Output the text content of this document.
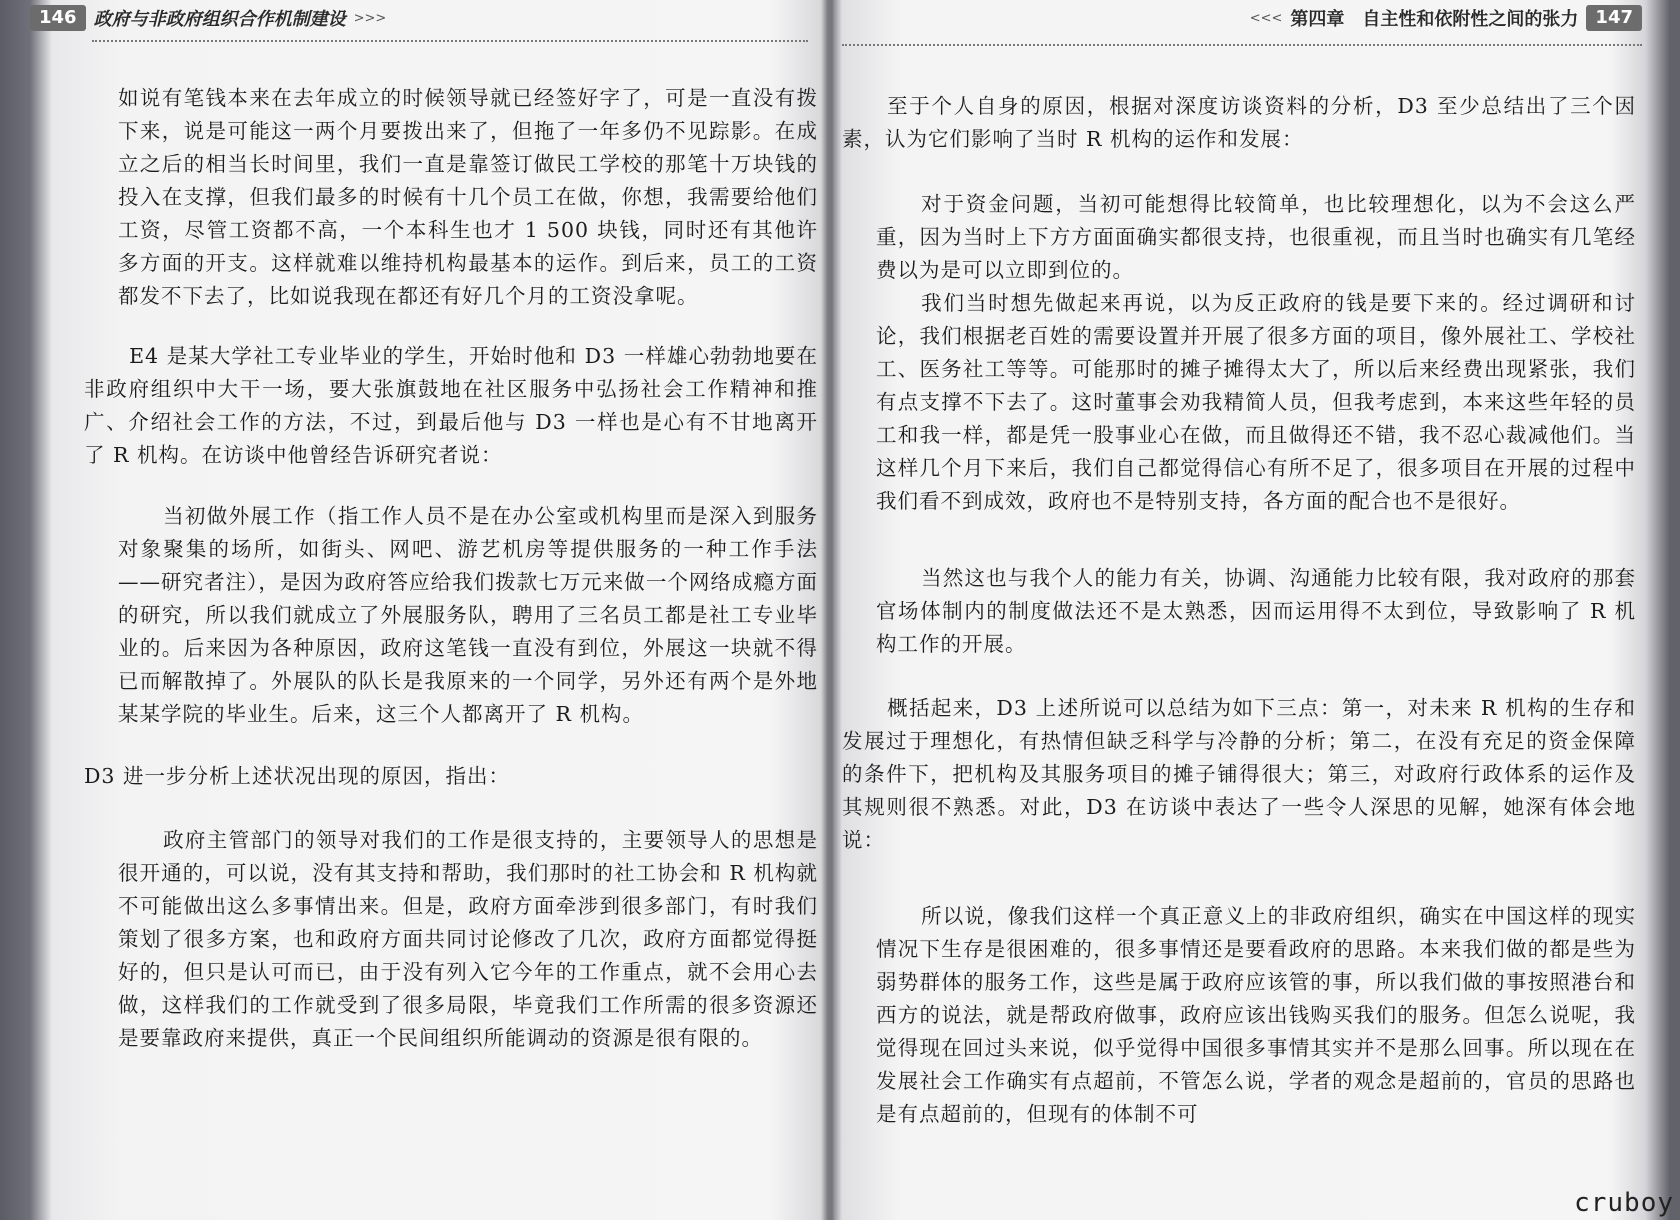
146 政府与非政府组织合作机制建设 >>>

如说有笔钱本来在去年成立的时候领导就已经签好字了，可是一直没有拨下来，说是可能这一两个月要拨出来了，但拖了一年多仍不见踪影。在成立之后的相当长时间里，我们一直是靠签订做民工学校的那笔十万块钱的投入在支撑，但我们最多的时候有十几个员工在做，你想，我需要给他们工资，尽管工资都不高，一个本科生也才 1 500 块钱，同时还有其他许多方面的开支。这样就难以维持机构最基本的运作。到后来，员工的工资都发不下去了，比如说我现在都还有好几个月的工资没拿呢。

E4 是某大学社工专业毕业的学生，开始时他和 D3 一样雄心勃勃地要在非政府组织中大干一场，要大张旗鼓地在社区服务中弘扬社会工作精神和推广、介绍社会工作的方法，不过，到最后他与 D3 一样也是心有不甘地离开了 R 机构。在访谈中他曾经告诉研究者说：

当初做外展工作（指工作人员不是在办公室或机构里而是深入到服务对象聚集的场所，如街头、网吧、游艺机房等提供服务的一种工作手法——研究者注），是因为政府答应给我们拨款七万元来做一个网络成瘾方面的研究，所以我们就成立了外展服务队，聘用了三名员工都是社工专业毕业的。后来因为各种原因，政府这笔钱一直没有到位，外展这一块就不得已而解散掉了。外展队的队长是我原来的一个同学，另外还有两个是外地某某学院的毕业生。后来，这三个人都离开了 R 机构。

D3 进一步分析上述状况出现的原因，指出：

政府主管部门的领导对我们的工作是很支持的，主要领导人的思想是很开通的，可以说，没有其支持和帮助，我们那时的社工协会和 R 机构就不可能做出这么多事情出来。但是，政府方面牵涉到很多部门，有时我们策划了很多方案，也和政府方面共同讨论修改了几次，政府方面都觉得挺好的，但只是认可而已，由于没有列入它今年的工作重点，就不会用心去做，这样我们的工作就受到了很多局限，毕竟我们工作所需的很多资源还是要靠政府来提供，真正一个民间组织所能调动的资源是很有限的。

<<< 第四章　自主性和依附性之间的张力 147

至于个人自身的原因，根据对深度访谈资料的分析，D3 至少总结出了三个因素，认为它们影响了当时 R 机构的运作和发展：

对于资金问题，当初可能想得比较简单，也比较理想化，以为不会这么严重，因为当时上下方方面面确实都很支持，也很重视，而且当时也确实有几笔经费以为是可以立即到位的。

我们当时想先做起来再说，以为反正政府的钱是要下来的。经过调研和讨论，我们根据老百姓的需要设置并开展了很多方面的项目，像外展社工、学校社工、医务社工等等。可能那时的摊子摊得太大了，所以后来经费出现紧张，我们有点支撑不下去了。这时董事会劝我精简人员，但我考虑到，本来这些年轻的员工和我一样，都是凭一股事业心在做，而且做得还不错，我不忍心裁减他们。当这样几个月下来后，我们自己都觉得信心有所不足了，很多项目在开展的过程中我们看不到成效，政府也不是特别支持，各方面的配合也不是很好。

当然这也与我个人的能力有关，协调、沟通能力比较有限，我对政府的那套官场体制内的制度做法还不是太熟悉，因而运用得不太到位，导致影响了 R 机构工作的开展。

概括起来，D3 上述所说可以总结为如下三点：第一，对未来 R 机构的生存和发展过于理想化，有热情但缺乏科学与冷静的分析；第二，在没有充足的资金保障的条件下，把机构及其服务项目的摊子铺得很大；第三，对政府行政体系的运作及其规则很不熟悉。对此，D3 在访谈中表达了一些令人深思的见解，她深有体会地说：

所以说，像我们这样一个真正意义上的非政府组织，确实在中国这样的现实情况下生存是很困难的，很多事情还是要看政府的思路。本来我们做的都是些为弱势群体的服务工作，这些是属于政府应该管的事，所以我们做的事按照港台和西方的说法，就是帮政府做事，政府应该出钱购买我们的服务。但怎么说呢，我觉得现在回过头来说，似乎觉得中国很多事情其实并不是那么回事。所以现在在发展社会工作确实有点超前，不管怎么说，学者的观念是超前的，官员的思路也是有点超前的，但现有的体制不可

cruboy
